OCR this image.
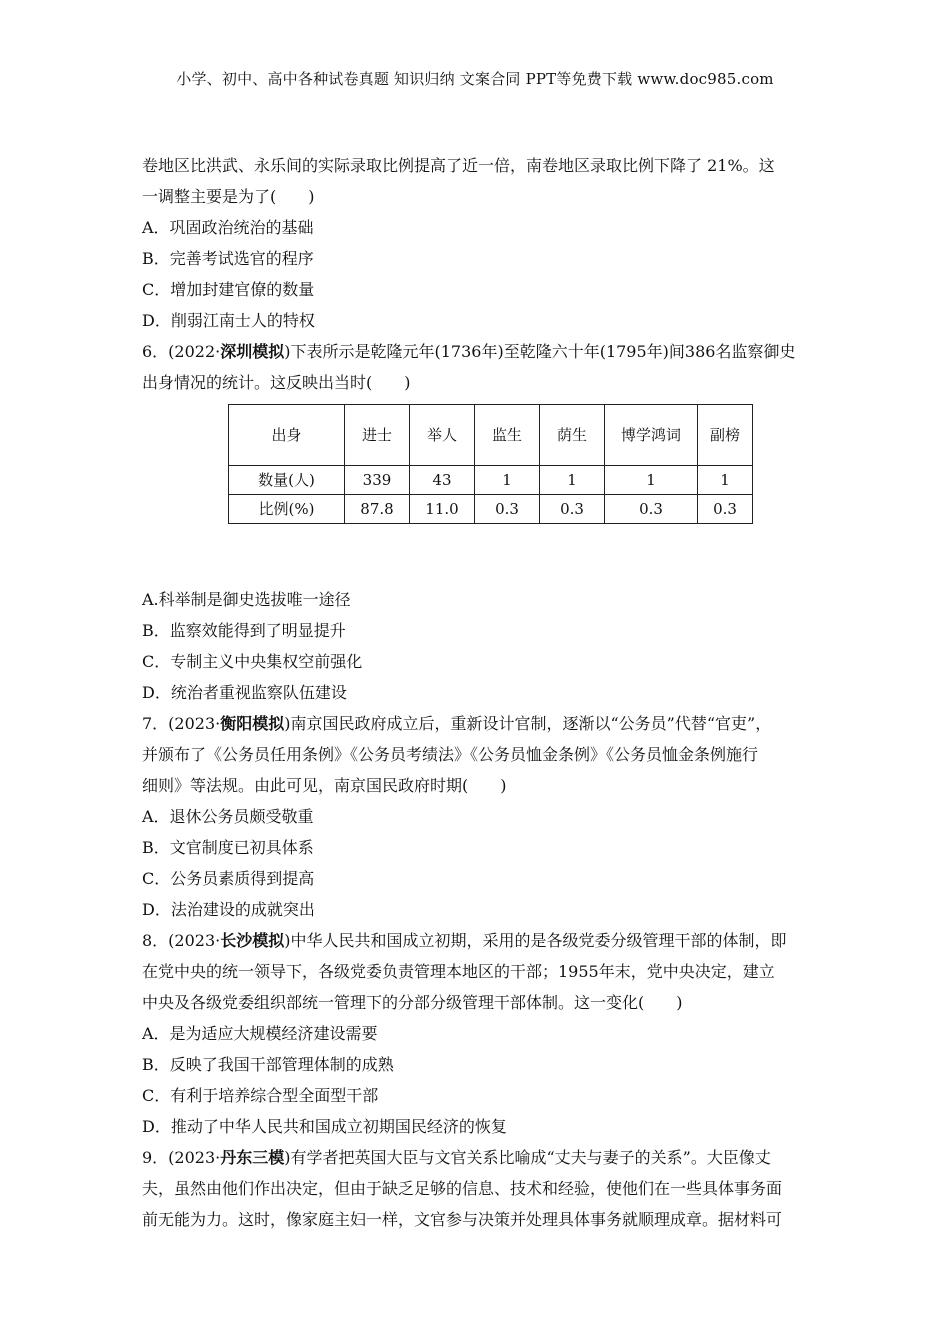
小学、初中、高中各种试卷真题 知识归纳 文案合同 PPT等免费下载 www.doc985.com

卷地区比洪武、永乐间的实际录取比例提高了近一倍，南卷地区录取比例下降了 21%。这

一调整主要是为了(　　)

A．巩固政治统治的基础

B．完善考试选官的程序

C．增加封建官僚的数量

D．削弱江南士人的特权

6．(2022·深圳模拟)下表所示是乾隆元年(1736年)至乾隆六十年(1795年)间386名监察御史

出身情况的统计。这反映出当时(　　)

出身	进士	举人	监生	荫生	博学鸿词	副榜
数量(人)	339	43	1	1	1	1
比例(%)	87.8	11.0	0.3	0.3	0.3	0.3

A.科举制是御史选拔唯一途径

B．监察效能得到了明显提升

C．专制主义中央集权空前强化

D．统治者重视监察队伍建设

7．(2023·衡阳模拟)南京国民政府成立后，重新设计官制，逐渐以“公务员”代替“官吏”，

并颁布了《公务员任用条例》《公务员考绩法》《公务员恤金条例》《公务员恤金条例施行

细则》等法规。由此可见，南京国民政府时期(　　)

A．退休公务员颇受敬重

B．文官制度已初具体系

C．公务员素质得到提高

D．法治建设的成就突出

8．(2023·长沙模拟)中华人民共和国成立初期，采用的是各级党委分级管理干部的体制，即

在党中央的统一领导下，各级党委负责管理本地区的干部；1955年末，党中央决定，建立

中央及各级党委组织部统一管理下的分部分级管理干部体制。这一变化(　　)

A．是为适应大规模经济建设需要

B．反映了我国干部管理体制的成熟

C．有利于培养综合型全面型干部

D．推动了中华人民共和国成立初期国民经济的恢复

9．(2023·丹东三模)有学者把英国大臣与文官关系比喻成“丈夫与妻子的关系”。大臣像丈

夫，虽然由他们作出决定，但由于缺乏足够的信息、技术和经验，使他们在一些具体事务面

前无能为力。这时，像家庭主妇一样，文官参与决策并处理具体事务就顺理成章。据材料可
